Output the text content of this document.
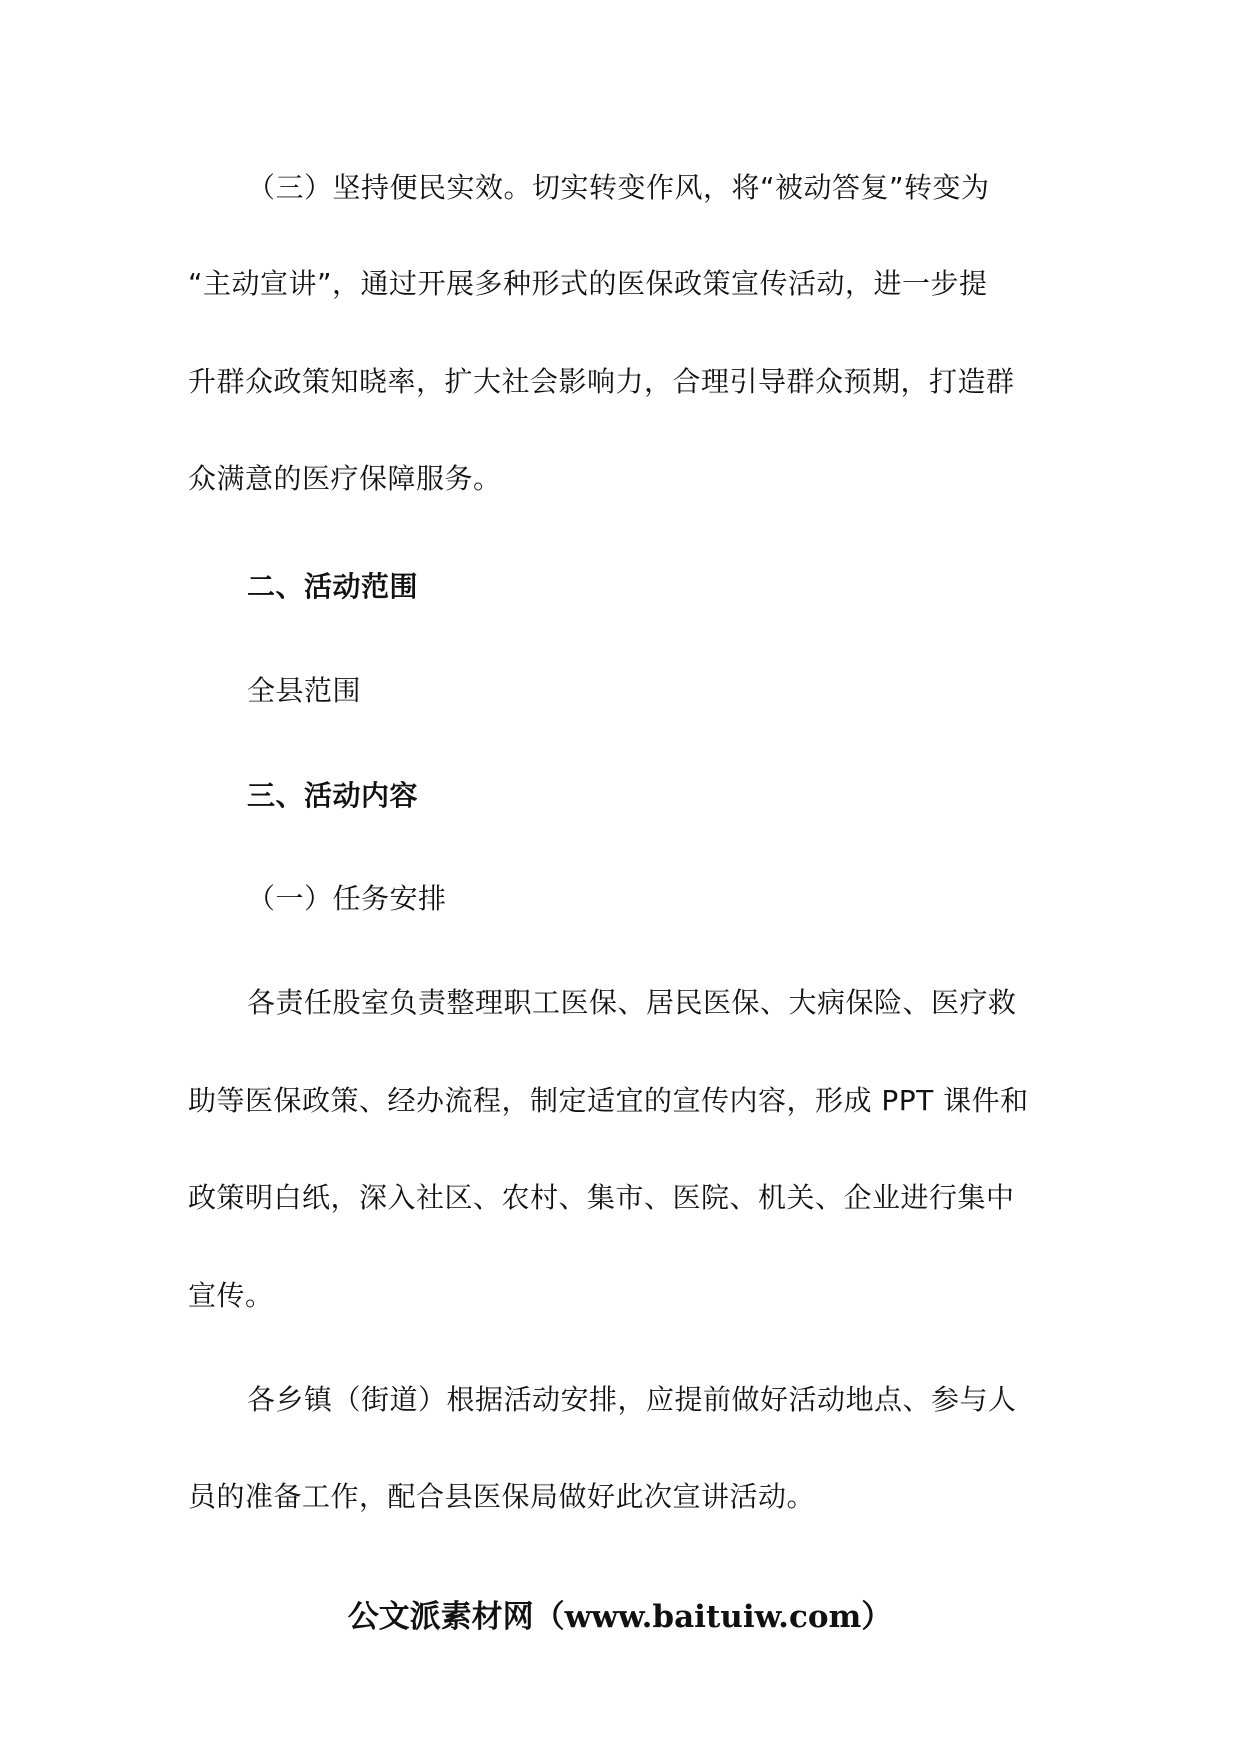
（三）坚持便民实效。切实转变作风，将“被动答复”转变为
“主动宣讲”，通过开展多种形式的医保政策宣传活动，进一步提
升群众政策知晓率，扩大社会影响力，合理引导群众预期，打造群
众满意的医疗保障服务。
二、活动范围
全县范围
三、活动内容
（一）任务安排
各责任股室负责整理职工医保、居民医保、大病保险、医疗救
助等医保政策、经办流程，制定适宜的宣传内容，形成 PPT 课件和
政策明白纸，深入社区、农村、集市、医院、机关、企业进行集中
宣传。
各乡镇（街道）根据活动安排，应提前做好活动地点、参与人
员的准备工作，配合县医保局做好此次宣讲活动。
公文派素材网（www.baituiw.com）
